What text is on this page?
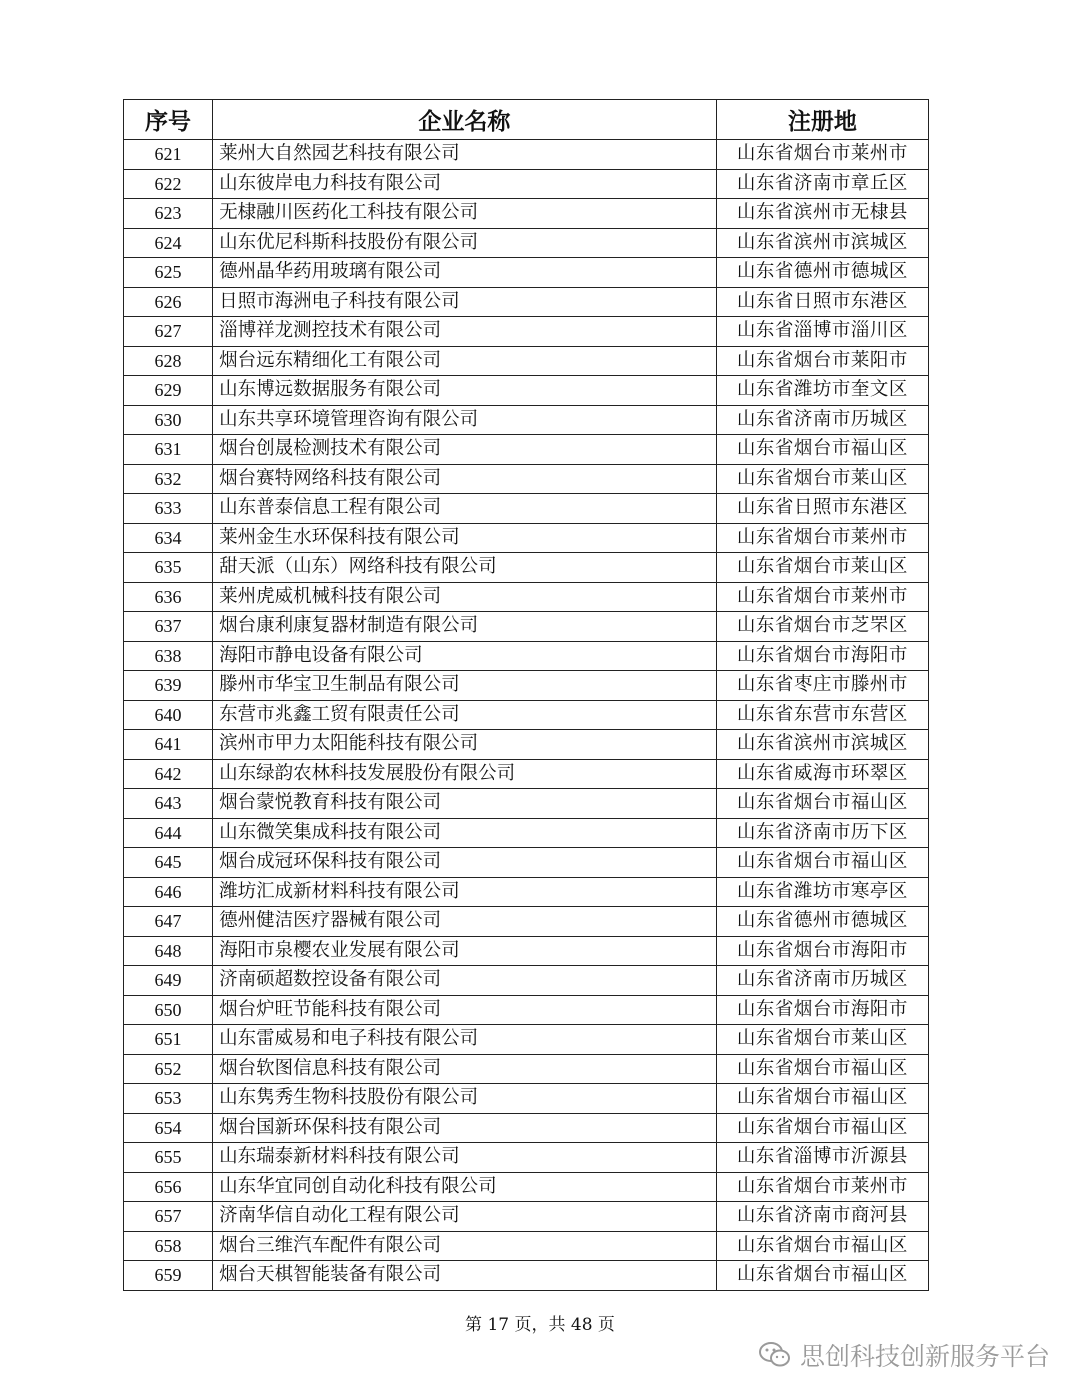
序号	企业名称	注册地
621	莱州大自然园艺科技有限公司	山东省烟台市莱州市
622	山东彼岸电力科技有限公司	山东省济南市章丘区
623	无棣融川医药化工科技有限公司	山东省滨州市无棣县
624	山东优尼科斯科技股份有限公司	山东省滨州市滨城区
625	德州晶华药用玻璃有限公司	山东省德州市德城区
626	日照市海洲电子科技有限公司	山东省日照市东港区
627	淄博祥龙测控技术有限公司	山东省淄博市淄川区
628	烟台远东精细化工有限公司	山东省烟台市莱阳市
629	山东博远数据服务有限公司	山东省潍坊市奎文区
630	山东共享环境管理咨询有限公司	山东省济南市历城区
631	烟台创晟检测技术有限公司	山东省烟台市福山区
632	烟台赛特网络科技有限公司	山东省烟台市莱山区
633	山东普泰信息工程有限公司	山东省日照市东港区
634	莱州金生水环保科技有限公司	山东省烟台市莱州市
635	甜天派（山东）网络科技有限公司	山东省烟台市莱山区
636	莱州虎威机械科技有限公司	山东省烟台市莱州市
637	烟台康利康复器材制造有限公司	山东省烟台市芝罘区
638	海阳市静电设备有限公司	山东省烟台市海阳市
639	滕州市华宝卫生制品有限公司	山东省枣庄市滕州市
640	东营市兆鑫工贸有限责任公司	山东省东营市东营区
641	滨州市甲力太阳能科技有限公司	山东省滨州市滨城区
642	山东绿韵农林科技发展股份有限公司	山东省威海市环翠区
643	烟台蒙悦教育科技有限公司	山东省烟台市福山区
644	山东微笑集成科技有限公司	山东省济南市历下区
645	烟台成冠环保科技有限公司	山东省烟台市福山区
646	潍坊汇成新材料科技有限公司	山东省潍坊市寒亭区
647	德州健洁医疗器械有限公司	山东省德州市德城区
648	海阳市泉樱农业发展有限公司	山东省烟台市海阳市
649	济南硕超数控设备有限公司	山东省济南市历城区
650	烟台炉旺节能科技有限公司	山东省烟台市海阳市
651	山东雷威易和电子科技有限公司	山东省烟台市莱山区
652	烟台软图信息科技有限公司	山东省烟台市福山区
653	山东隽秀生物科技股份有限公司	山东省烟台市福山区
654	烟台国新环保科技有限公司	山东省烟台市福山区
655	山东瑞泰新材料科技有限公司	山东省淄博市沂源县
656	山东华宜同创自动化科技有限公司	山东省烟台市莱州市
657	济南华信自动化工程有限公司	山东省济南市商河县
658	烟台三维汽车配件有限公司	山东省烟台市福山区
659	烟台天棋智能装备有限公司	山东省烟台市福山区
第 17 页，共 48 页
思创科技创新服务平台
